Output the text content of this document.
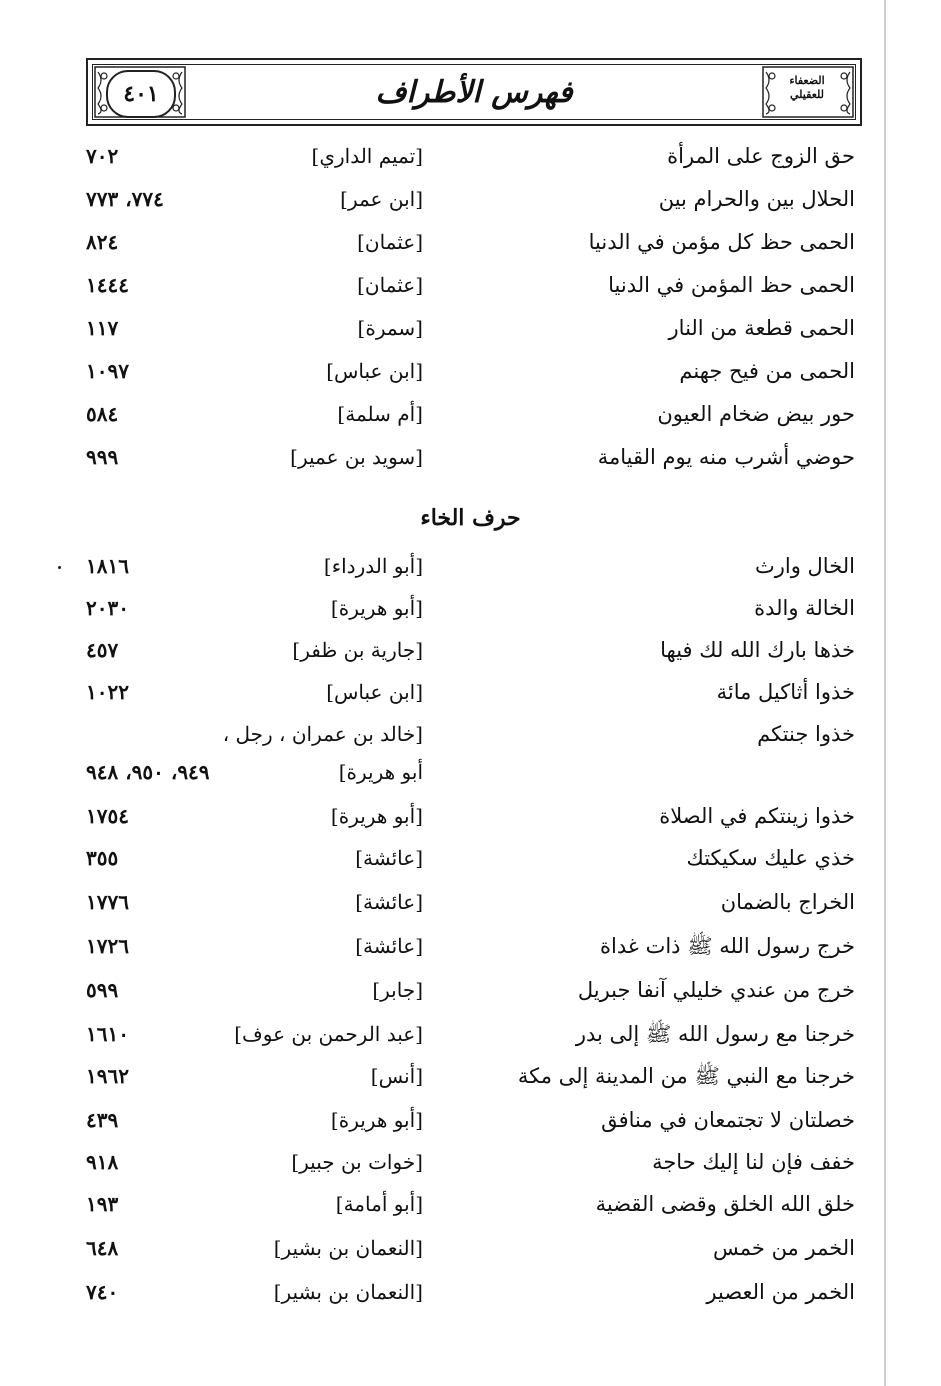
٤٠١	فهرس الأطراف	الضعفاء للعقيلي
حق الزوج على المرأة
[تميم الداري]
٧٠٢
الحلال بين والحرام بين
[ابن عمر]
٧٧٤، ٧٧٣
الحمى حظ كل مؤمن في الدنيا
[عثمان]
٨٢٤
الحمى حظ المؤمن في الدنيا
[عثمان]
١٤٤٤
الحمى قطعة من النار
[سمرة]
١١٧
الحمى من فيح جهنم
[ابن عباس]
١٠٩٧
حور بيض ضخام العيون
[أم سلمة]
٥٨٤
حوضي أشرب منه يوم القيامة
[سويد بن عمير]
٩٩٩
حرف الخاء
الخال وارث
[أبو الدرداء]
١٨١٦
الخالة والدة
[أبو هريرة]
٢٠٣٠
خذها بارك الله لك فيها
[جارية بن ظفر]
٤٥٧
خذوا أثاكيل مائة
[ابن عباس]
١٠٢٢
خذوا جنتكم
[خالد بن عمران ، رجل ،
أبو هريرة]
٩٤٩، ٩٥٠، ٩٤٨
خذوا زينتكم في الصلاة
[أبو هريرة]
١٧٥٤
خذي عليك سكيكتك
[عائشة]
٣٥٥
الخراج بالضمان
[عائشة]
١٧٧٦
خرج رسول الله ﷺ ذات غداة
[عائشة]
١٧٢٦
خرج من عندي خليلي آنفا جبريل
[جابر]
٥٩٩
خرجنا مع رسول الله ﷺ إلى بدر
[عبد الرحمن بن عوف]
١٦١٠
خرجنا مع النبي ﷺ من المدينة إلى مكة
[أنس]
١٩٦٢
خصلتان لا تجتمعان في منافق
[أبو هريرة]
٤٣٩
خفف فإن لنا إليك حاجة
[خوات بن جبير]
٩١٨
خلق الله الخلق وقضى القضية
[أبو أمامة]
١٩٣
الخمر من خمس
[النعمان بن بشير]
٦٤٨
الخمر من العصير
[النعمان بن بشير]
٧٤٠
